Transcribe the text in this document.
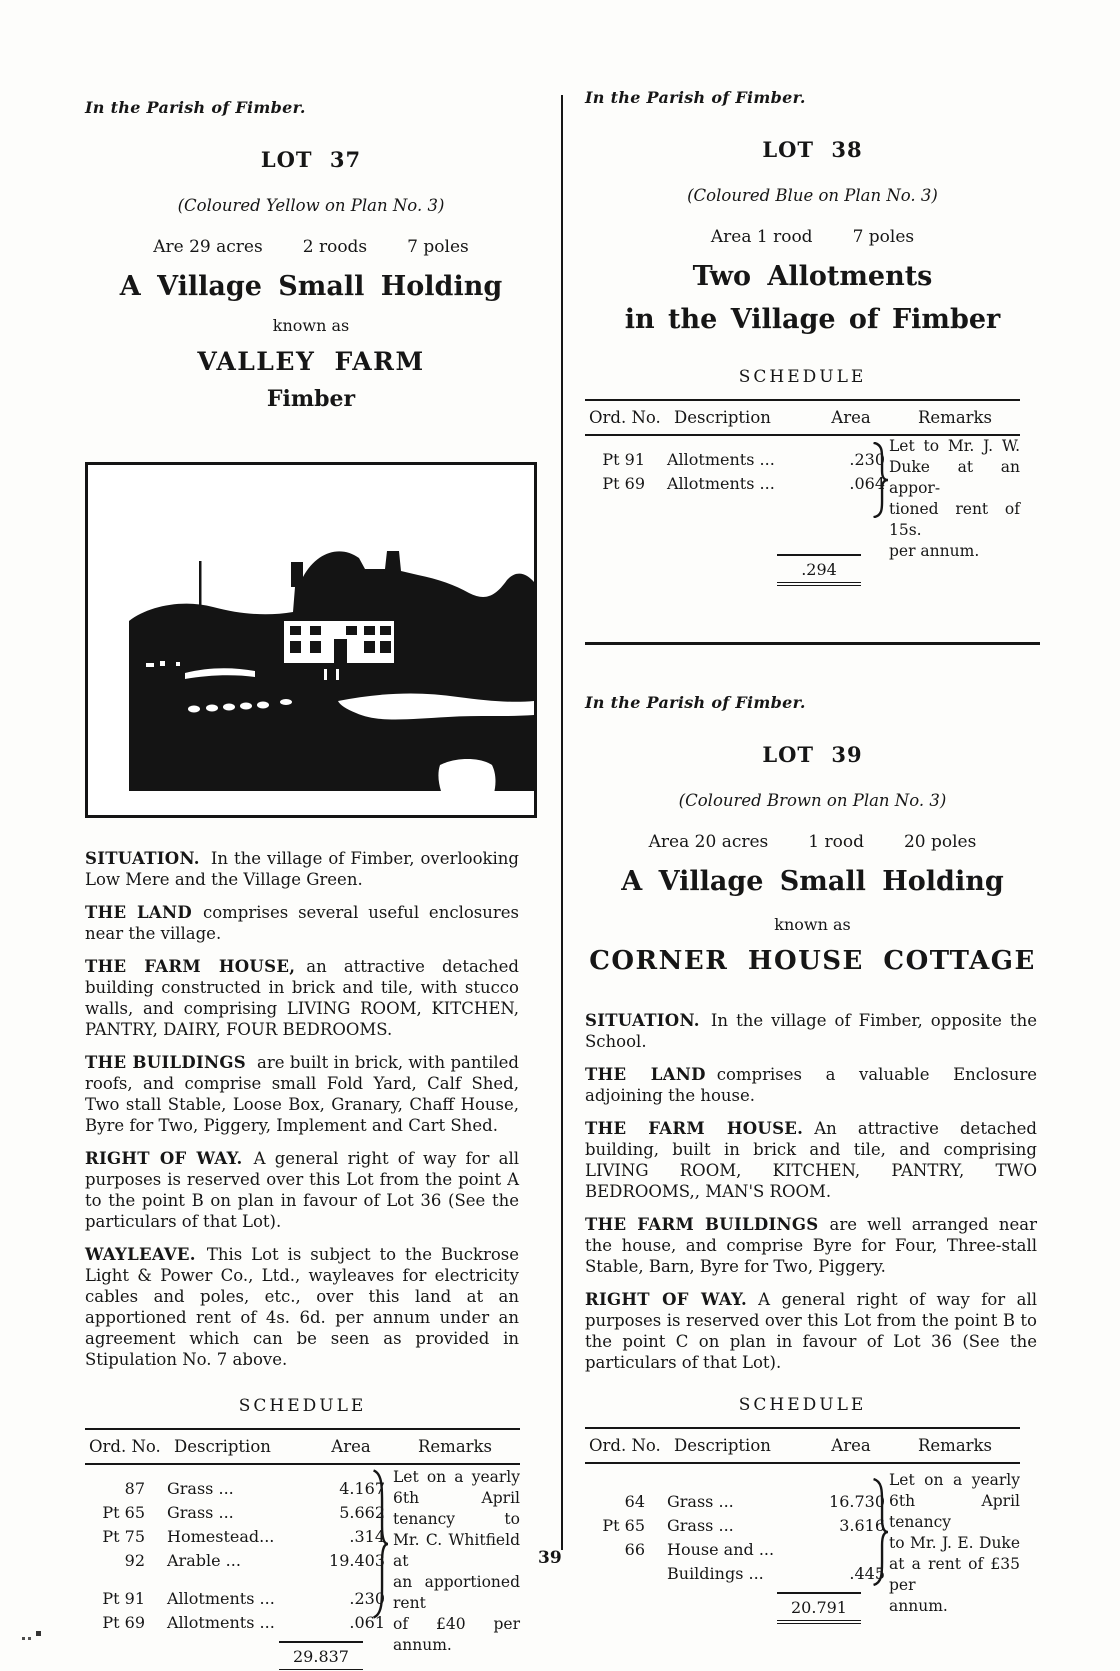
In the Parish of Fimber.

LOT 37

(Coloured Yellow on Plan No. 3)

Are 29 acres 2 roods 7 poles

A Village Small Holding

known as

VALLEY FARM
Fimber

SITUATION. In the village of Fimber, overlooking Low Mere and the Village Green.

THE LAND comprises several useful enclosures near the village.

THE FARM HOUSE, an attractive detached building constructed in brick and tile, with stucco walls, and comprising LIVING ROOM, KITCHEN, PANTRY, DAIRY, FOUR BEDROOMS.

THE BUILDINGS are built in brick, with pantiled roofs, and comprise small Fold Yard, Calf Shed, Two stall Stable, Loose Box, Granary, Chaff House, Byre for Two, Piggery, Implement and Cart Shed.

RIGHT OF WAY. A general right of way for all purposes is reserved over this Lot from the point A to the point B on plan in favour of Lot 36 (See the particulars of that Lot).

WAYLEAVE. This Lot is subject to the Buckrose Light & Power Co., Ltd., wayleaves for electricity cables and poles, etc., over this land at an apportioned rent of 4s. 6d. per annum under an agreement which can be seen as provided in Stipulation No. 7 above.

SCHEDULE

Ord. No. Description	Area	Remarks
87	Grass ...	4.167
Pt 65	Grass ...	5.662
Pt 75	Homestead...	.314
92	Arable ...	19.403
Pt 91	Allotments ...	.230
Pt 69	Allotments ...	.061
Let on a yearly
6th April tenancy to
Mr. C. Whitfield at
an apportioned rent
of £40 per annum.
29.837

In the Parish of Fimber.

LOT 38

(Coloured Blue on Plan No. 3)

Area 1 rood 7 poles

Two Allotments
in the Village of Fimber

SCHEDULE

Ord. No. Description	Area	Remarks
Pt 91	Allotments ...	.230
Pt 69	Allotments ...	.064
Let to Mr. J. W.
Duke at an appor-
tioned rent of 15s.
per annum.
.294

In the Parish of Fimber.

LOT 39

(Coloured Brown on Plan No. 3)

Area 20 acres 1 rood 20 poles

A Village Small Holding

known as

CORNER HOUSE COTTAGE

SITUATION. In the village of Fimber, opposite the School.

THE LAND comprises a valuable Enclosure adjoining the house.

THE FARM HOUSE. An attractive detached building, built in brick and tile, and comprising LIVING ROOM, KITCHEN, PANTRY, TWO BEDROOMS,, MAN'S ROOM.

THE FARM BUILDINGS are well arranged near the house, and comprise Byre for Four, Three-stall Stable, Barn, Byre for Two, Piggery.

RIGHT OF WAY. A general right of way for all purposes is reserved over this Lot from the point B to the point C on plan in favour of Lot 36 (See the particulars of that Lot).

SCHEDULE

Ord. No. Description	Area	Remarks
64	Grass ...	16.730
Pt 65	Grass ...	3.616
66	House and ...
Buildings ...	.445
Let on a yearly
6th April tenancy
to Mr. J. E. Duke
at a rent of £35 per
annum.
20.791
39
